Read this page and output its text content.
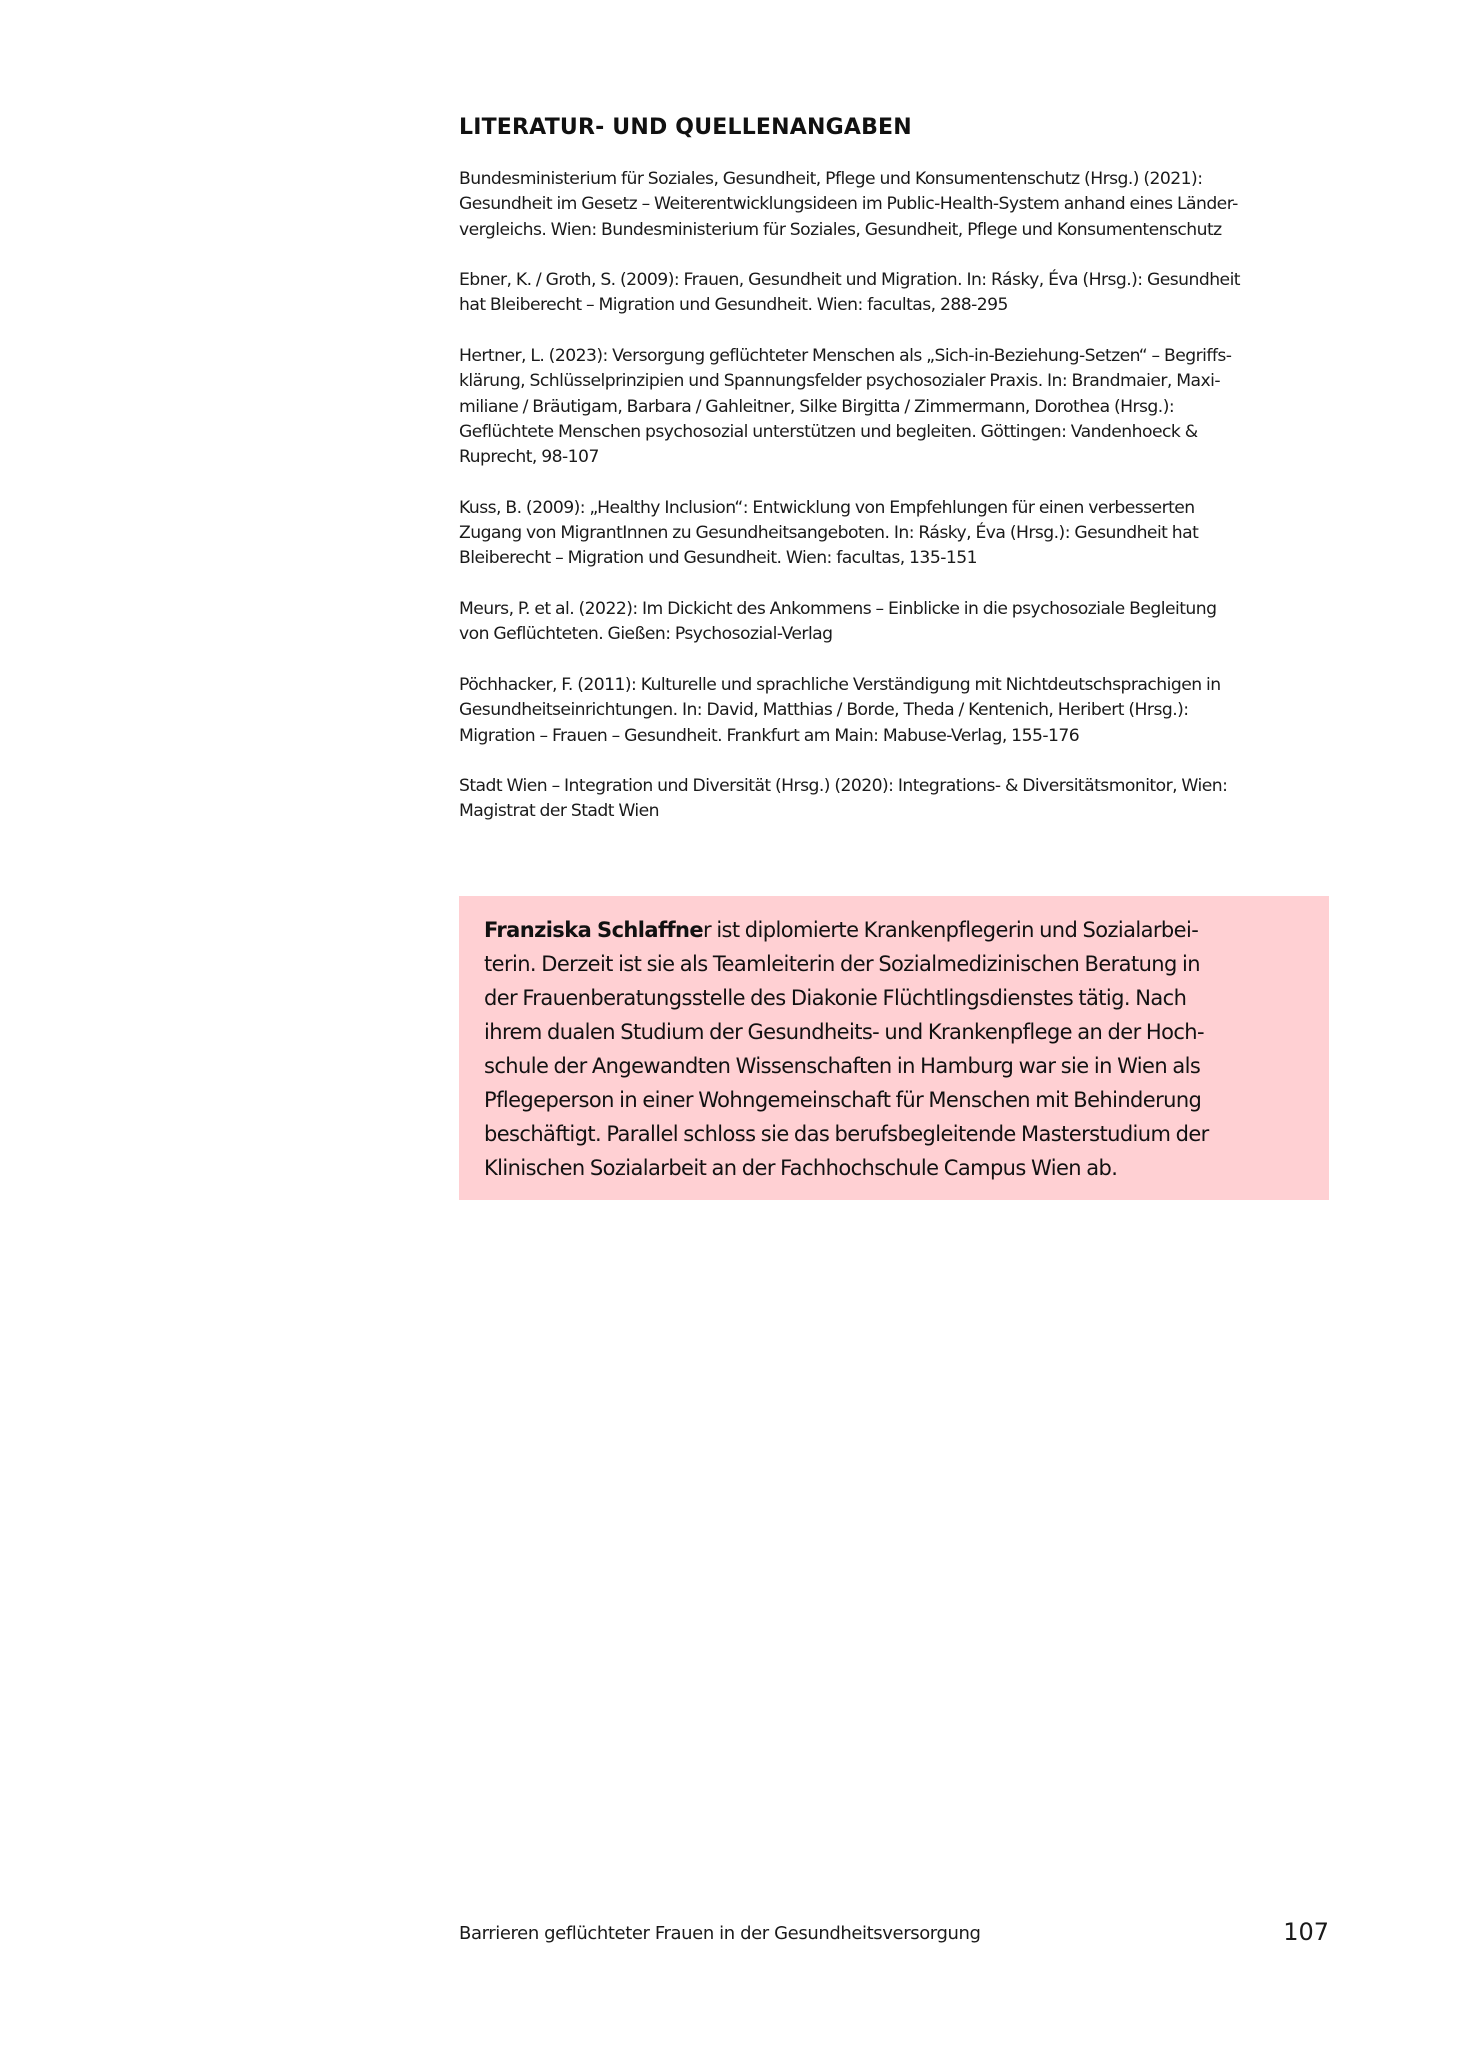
LITERATUR- UND QUELLENANGABEN
Bundesministerium für Soziales, Gesundheit, Pflege und Konsumentenschutz (Hrsg.) (2021):
Gesundheit im Gesetz – Weiterentwicklungsideen im Public-Health-System anhand eines Länder-
vergleichs. Wien: Bundesministerium für Soziales, Gesundheit, Pflege und Konsumentenschutz
Ebner, K. / Groth, S. (2009): Frauen, Gesundheit und Migration. In: Rásky, Éva (Hrsg.): Gesundheit
hat Bleiberecht – Migration und Gesundheit. Wien: facultas, 288-295
Hertner, L. (2023): Versorgung geflüchteter Menschen als „Sich-in-Beziehung-Setzen“ – Begriffs-
klärung, Schlüsselprinzipien und Spannungsfelder psychosozialer Praxis. In: Brandmaier, Maxi-
miliane / Bräutigam, Barbara / Gahleitner, Silke Birgitta / Zimmermann, Dorothea (Hrsg.):
Geflüchtete Menschen psychosozial unterstützen und begleiten. Göttingen: Vandenhoeck &
Ruprecht, 98-107
Kuss, B. (2009): „Healthy Inclusion“: Entwicklung von Empfehlungen für einen verbesserten
Zugang von MigrantInnen zu Gesundheitsangeboten. In: Rásky, Éva (Hrsg.): Gesundheit hat
Bleiberecht – Migration und Gesundheit. Wien: facultas, 135-151
Meurs, P. et al. (2022): Im Dickicht des Ankommens – Einblicke in die psychosoziale Begleitung
von Geflüchteten. Gießen: Psychosozial-Verlag
Pöchhacker, F. (2011): Kulturelle und sprachliche Verständigung mit Nichtdeutschsprachigen in
Gesundheitseinrichtungen. In: David, Matthias / Borde, Theda / Kentenich, Heribert (Hrsg.):
Migration – Frauen – Gesundheit. Frankfurt am Main: Mabuse-Verlag, 155-176
Stadt Wien – Integration und Diversität (Hrsg.) (2020): Integrations- & Diversitätsmonitor, Wien:
Magistrat der Stadt Wien

Franziska Schlaffner ist diplomierte Krankenpflegerin und Sozialarbei-
terin. Derzeit ist sie als Teamleiterin der Sozialmedizinischen Beratung in
der Frauenberatungsstelle des Diakonie Flüchtlingsdienstes tätig. Nach
ihrem dualen Studium der Gesundheits- und Krankenpflege an der Hoch-
schule der Angewandten Wissenschaften in Hamburg war sie in Wien als
Pflegeperson in einer Wohngemeinschaft für Menschen mit Behinderung
beschäftigt. Parallel schloss sie das berufsbegleitende Masterstudium der
Klinischen Sozialarbeit an der Fachhochschule Campus Wien ab.

Barrieren geflüchteter Frauen in der Gesundheitsversorgung	107
